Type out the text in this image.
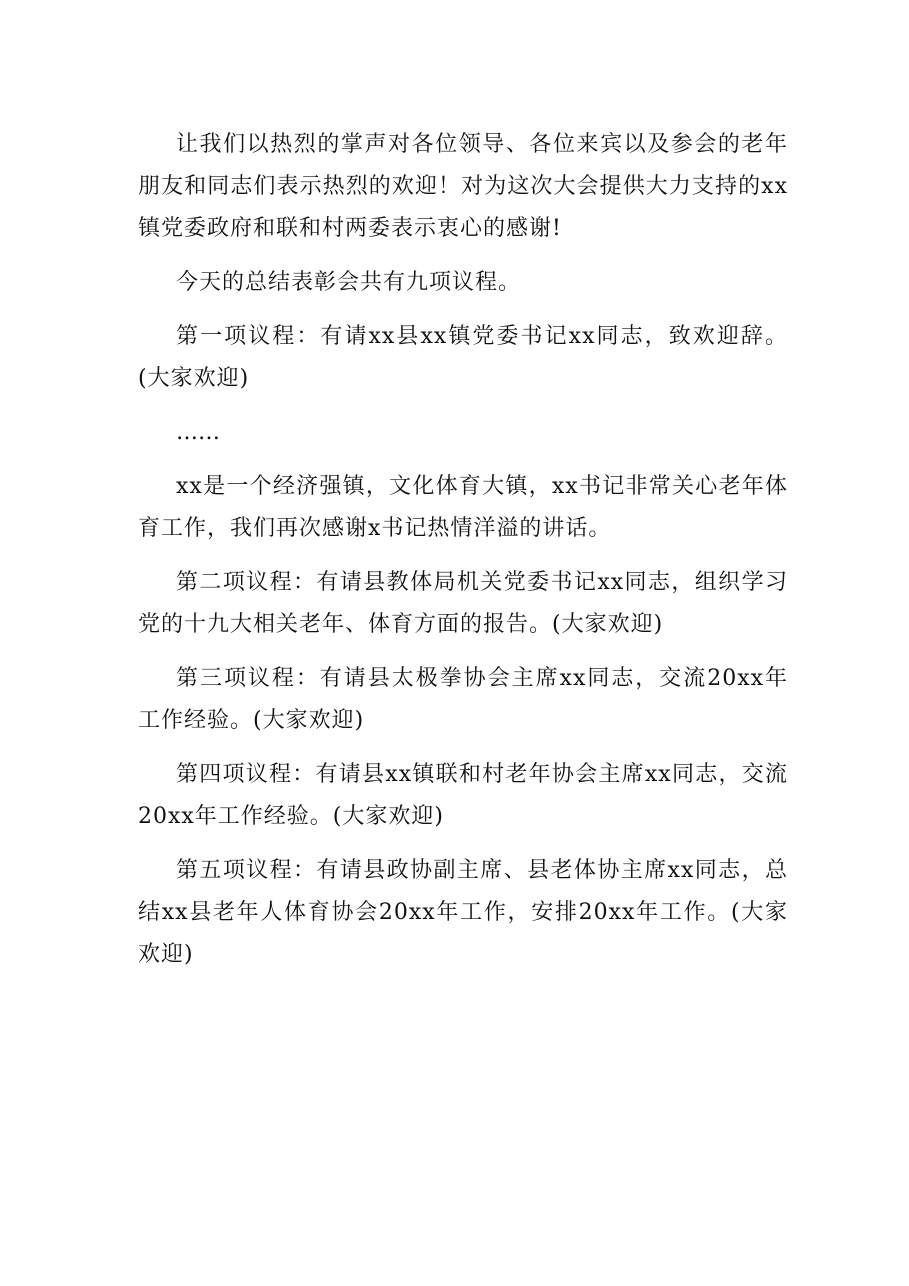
让我们以热烈的掌声对各位领导、各位来宾以及参会的老年朋友和同志们表示热烈的欢迎！对为这次大会提供大力支持的xx镇党委政府和联和村两委表示衷心的感谢!

今天的总结表彰会共有九项议程。

第一项议程：有请xx县xx镇党委书记xx同志，致欢迎辞。(大家欢迎)

……

xx是一个经济强镇，文化体育大镇，xx书记非常关心老年体育工作，我们再次感谢x书记热情洋溢的讲话。

第二项议程：有请县教体局机关党委书记xx同志，组织学习党的十九大相关老年、体育方面的报告。(大家欢迎)

第三项议程：有请县太极拳协会主席xx同志，交流20xx年工作经验。(大家欢迎)

第四项议程：有请县xx镇联和村老年协会主席xx同志，交流20xx年工作经验。(大家欢迎)

第五项议程：有请县政协副主席、县老体协主席xx同志，总结xx县老年人体育协会20xx年工作，安排20xx年工作。(大家欢迎)
